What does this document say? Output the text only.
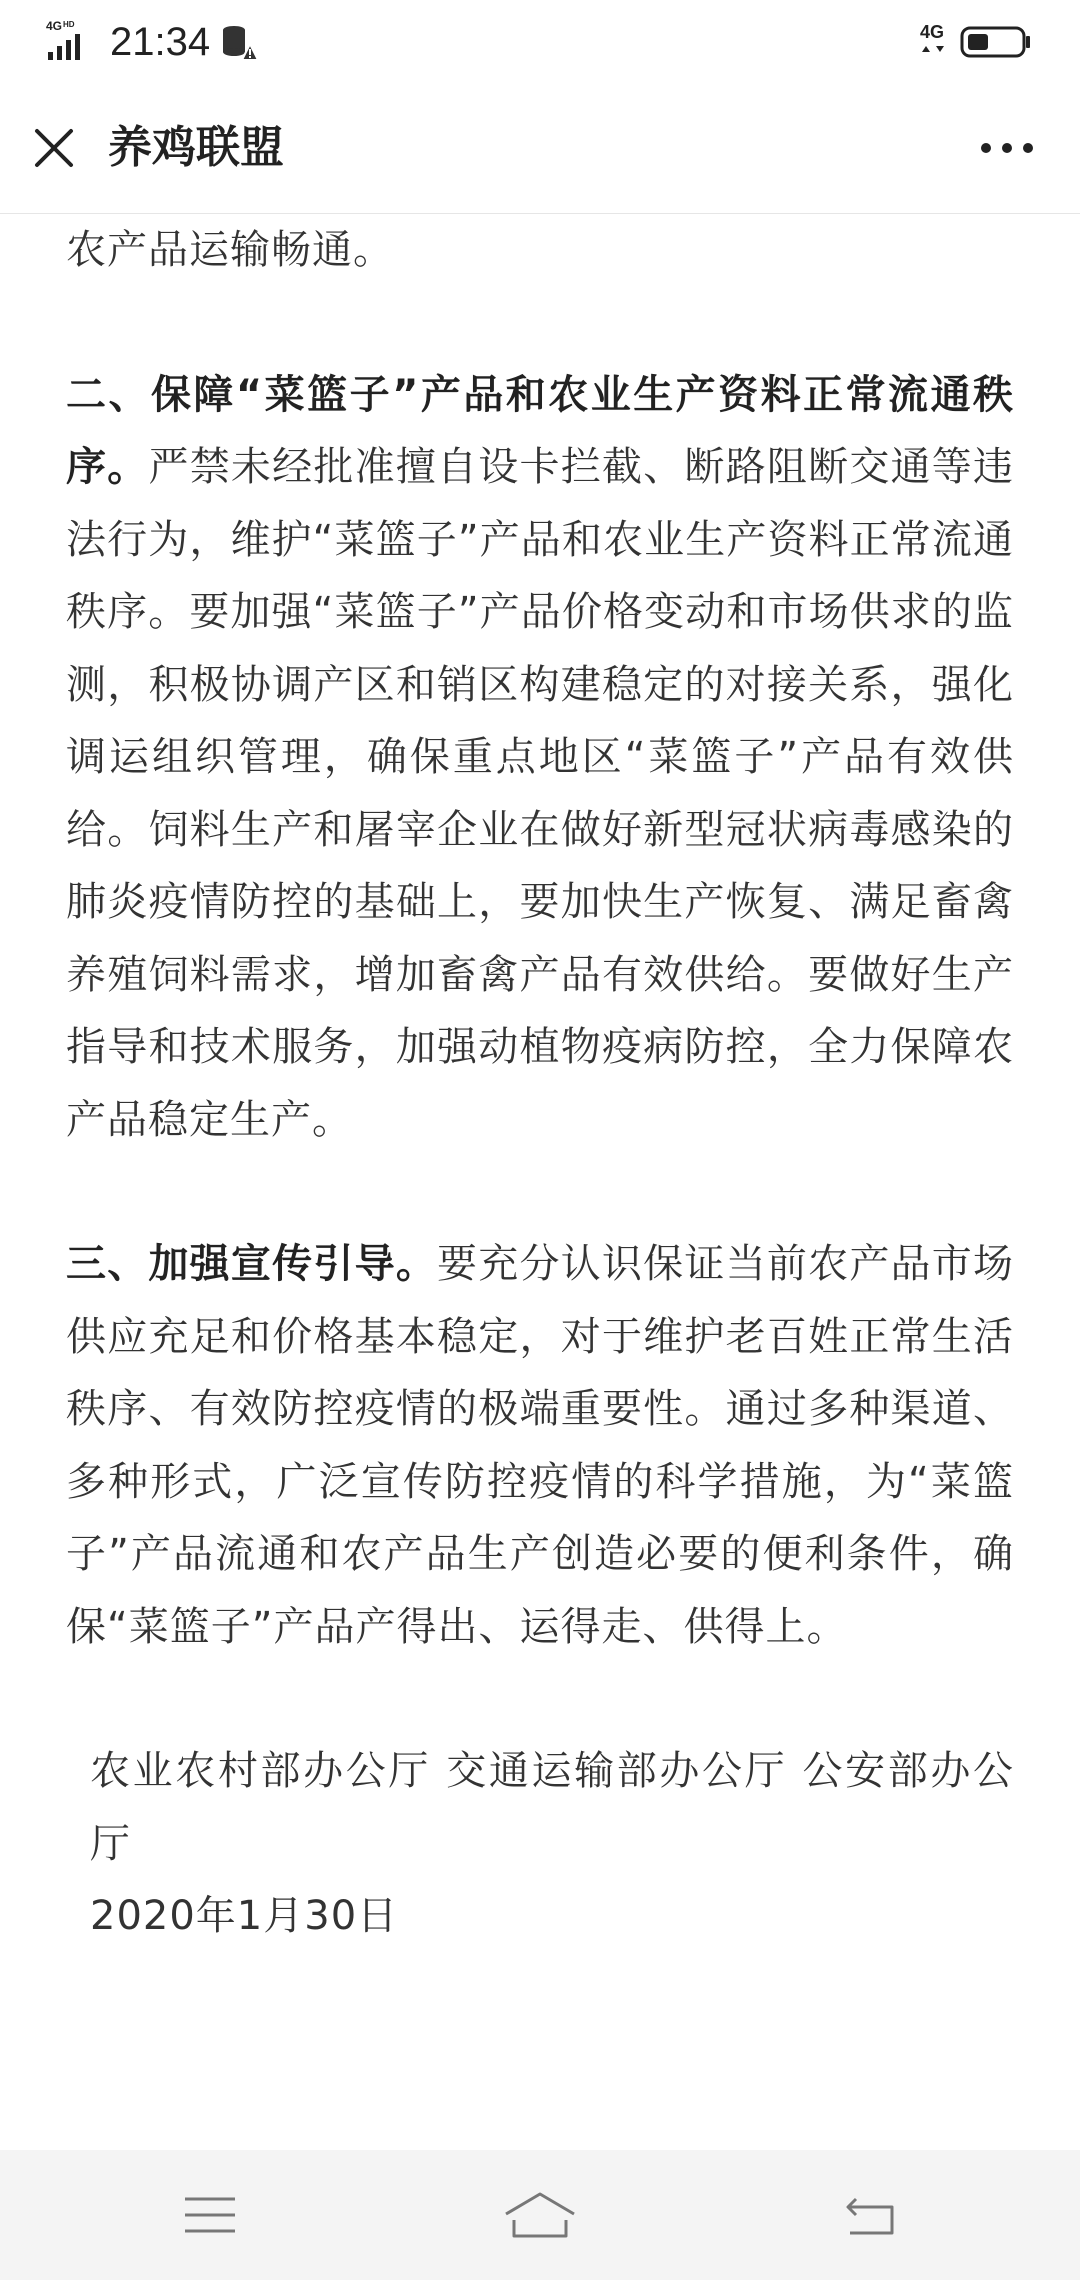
4G HD 21:34	4G
养鸡联盟

农产品运输畅通。

二、保障“菜篮子”产品和农业生产资料正常流通秩序。严禁未经批准擅自设卡拦截、断路阻断交通等违法行为，维护“菜篮子”产品和农业生产资料正常流通秩序。要加强“菜篮子”产品价格变动和市场供求的监测，积极协调产区和销区构建稳定的对接关系，强化调运组织管理，确保重点地区“菜篮子”产品有效供给。饲料生产和屠宰企业在做好新型冠状病毒感染的肺炎疫情防控的基础上，要加快生产恢复、满足畜禽养殖饲料需求，增加畜禽产品有效供给。要做好生产指导和技术服务，加强动植物疫病防控，全力保障农产品稳定生产。

三、加强宣传引导。要充分认识保证当前农产品市场供应充足和价格基本稳定，对于维护老百姓正常生活秩序、有效防控疫情的极端重要性。通过多种渠道、多种形式，广泛宣传防控疫情的科学措施，为“菜篮子”产品流通和农产品生产创造必要的便利条件，确保“菜篮子”产品产得出、运得走、供得上。

农业农村部办公厅 交通运输部办公厅 公安部办公厅
2020年1月30日
